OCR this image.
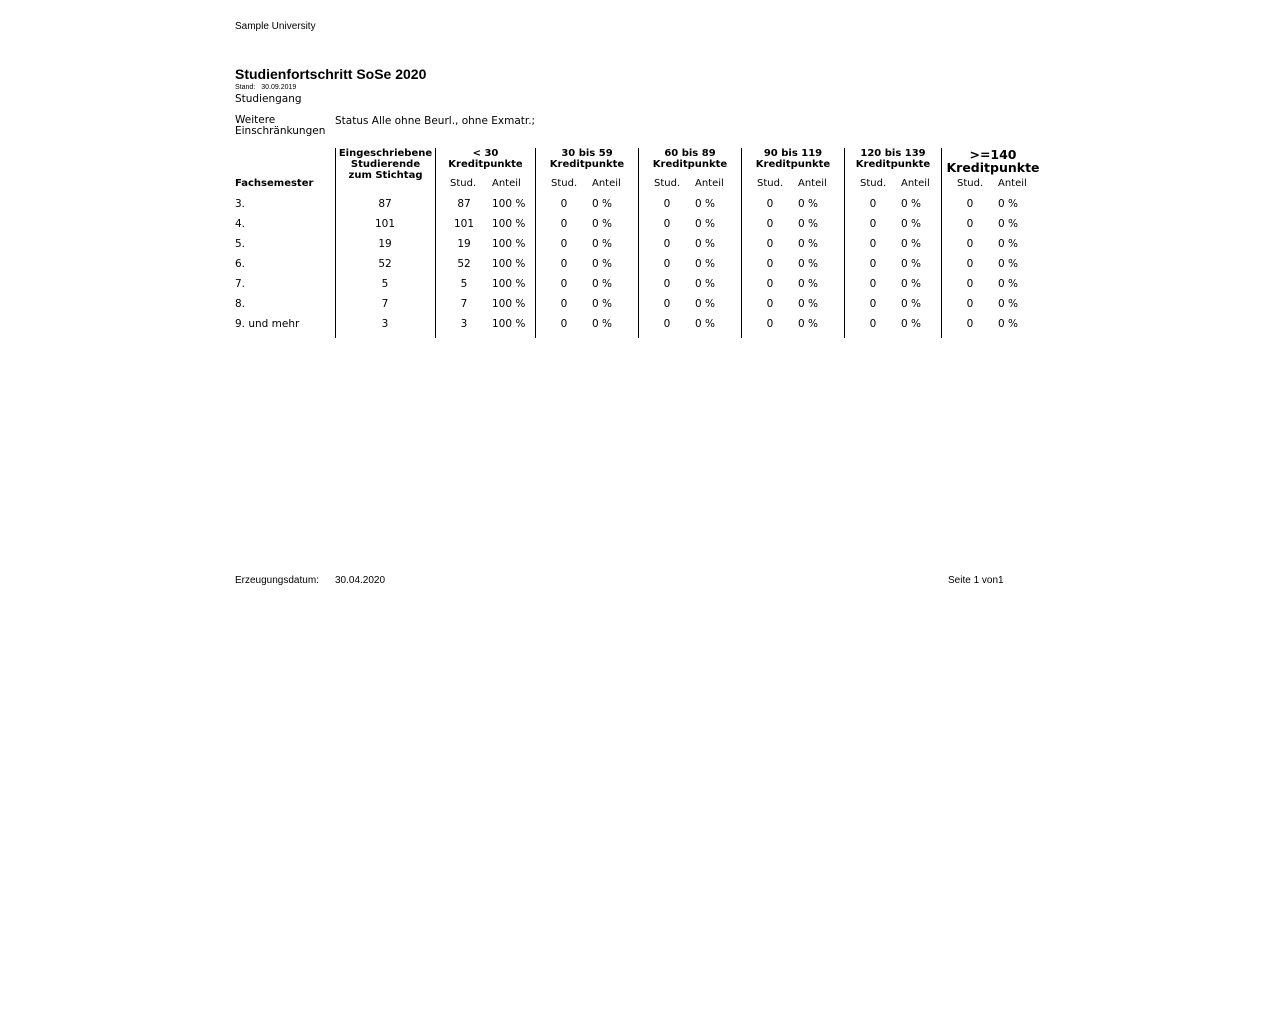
Sample University
Studienfortschritt SoSe 2020
Stand: 30.09.2019
Studiengang
Weitere Einschränkungen
Status Alle ohne Beurl., ohne Exmatr.;
Fachsemester
Eingeschriebene
Studierende
zum Stichtag
< 30
Kreditpunkte
30 bis 59
Kreditpunkte
60 bis 89
Kreditpunkte
90 bis 119
Kreditpunkte
120 bis 139
Kreditpunkte
>=140
Kreditpunkte
Stud. Anteil	Stud. Anteil	Stud. Anteil	Stud. Anteil	Stud. Anteil	Stud. Anteil
3.	87	87	100 %	0	0 %	0	0 %	0	0 %	0	0 %	0	0 %
4.	101	101	100 %	0	0 %	0	0 %	0	0 %	0	0 %	0	0 %
5.	19	19	100 %	0	0 %	0	0 %	0	0 %	0	0 %	0	0 %
6.	52	52	100 %	0	0 %	0	0 %	0	0 %	0	0 %	0	0 %
7.	5	5	100 %	0	0 %	0	0 %	0	0 %	0	0 %	0	0 %
8.	7	7	100 %	0	0 %	0	0 %	0	0 %	0	0 %	0	0 %
9. und mehr	3	3	100 %	0	0 %	0	0 %	0	0 %	0	0 %	0	0 %
Erzeugungsdatum: 30.04.2020	Seite 1 von1
